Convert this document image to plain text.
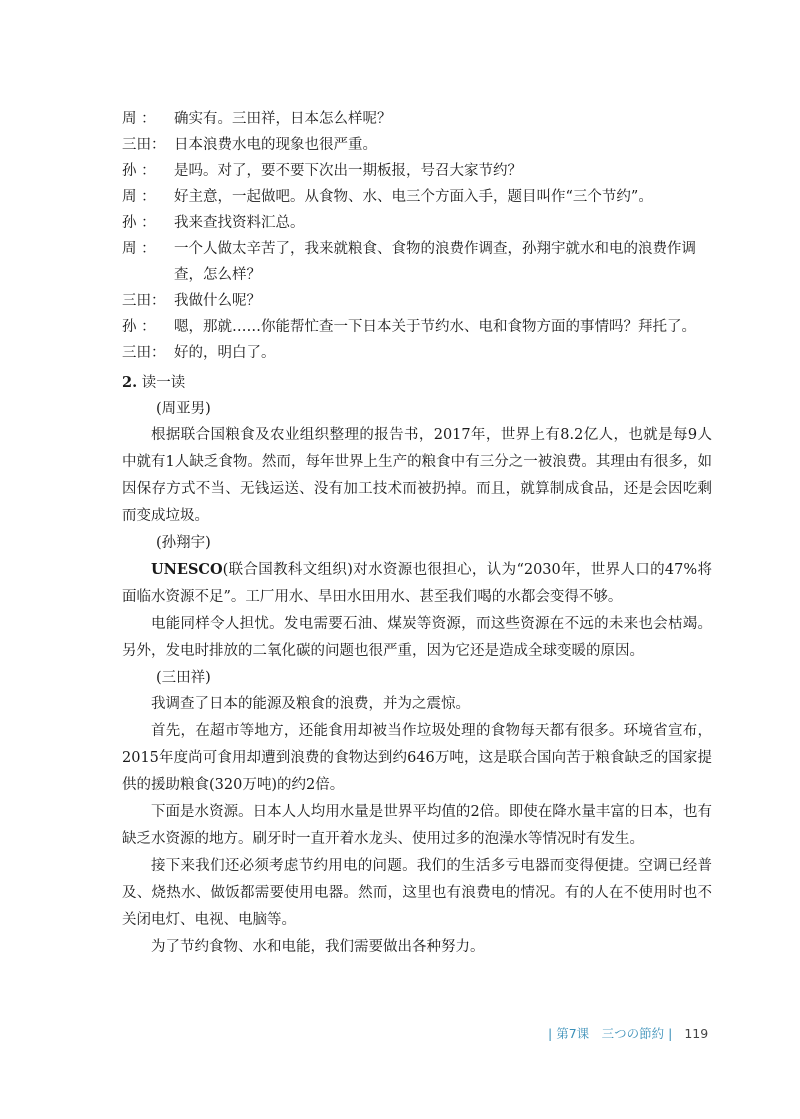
周 ：	确实有。三田祥，日本怎么样呢？
三田： 日本浪费水电的现象也很严重。
孙 ：	是吗。对了，要不要下次出一期板报，号召大家节约？
周 ：	好主意，一起做吧。从食物、水、电三个方面入手，题目叫作“三个节约”。
孙 ：	我来查找资料汇总。
周 ：	一个人做太辛苦了，我来就粮食、食物的浪费作调查，孙翔宇就水和电的浪费作调查，怎么样？
三田： 我做什么呢？
孙 ：	嗯，那就……你能帮忙查一下日本关于节约水、电和食物方面的事情吗？拜托了。
三田： 好的，明白了。
2. 读一读
(周亚男)

根据联合国粮食及农业组织整理的报告书，2017年，世界上有8.2亿人，也就是每9人中就有1人缺乏食物。然而，每年世界上生产的粮食中有三分之一被浪费。其理由有很多，如因保存方式不当、无钱运送、没有加工技术而被扔掉。而且，就算制成食品，还是会因吃剩而变成垃圾。

(孙翔宇)

UNESCO(联合国教科文组织)对水资源也很担心，认为“2030年，世界人口的47%将面临水资源不足”。工厂用水、旱田水田用水、甚至我们喝的水都会变得不够。

电能同样令人担忧。发电需要石油、煤炭等资源，而这些资源在不远的未来也会枯竭。另外，发电时排放的二氧化碳的问题也很严重，因为它还是造成全球变暖的原因。

(三田祥)

我调查了日本的能源及粮食的浪费，并为之震惊。

首先，在超市等地方，还能食用却被当作垃圾处理的食物每天都有很多。环境省宣布，2015年度尚可食用却遭到浪费的食物达到约646万吨，这是联合国向苦于粮食缺乏的国家提供的援助粮食(320万吨)的约2倍。

下面是水资源。日本人人均用水量是世界平均值的2倍。即使在降水量丰富的日本，也有缺乏水资源的地方。刷牙时一直开着水龙头、使用过多的泡澡水等情况时有发生。

接下来我们还必须考虑节约用电的问题。我们的生活多亏电器而变得便捷。空调已经普及、烧热水、做饭都需要使用电器。然而，这里也有浪费电的情况。有的人在不使用时也不关闭电灯、电视、电脑等。

为了节约食物、水和电能，我们需要做出各种努力。

| 第7课　三つの節約 | 119
